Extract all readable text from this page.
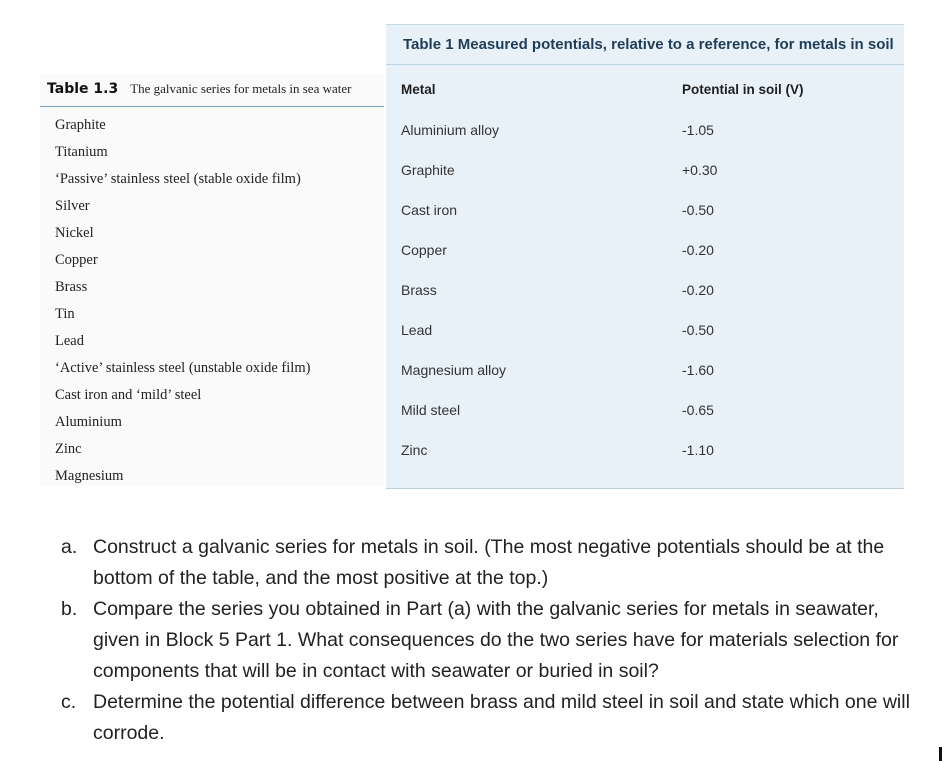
Table 1.3 The galvanic series for metals in sea water
Graphite
Titanium
‘Passive’ stainless steel (stable oxide film)
Silver
Nickel
Copper
Brass
Tin
Lead
‘Active’ stainless steel (unstable oxide film)
Cast iron and ‘mild’ steel
Aluminium
Zinc
Magnesium
Table 1 Measured potentials, relative to a reference, for metals in soil
Metal	Potential in soil (V)
Aluminium alloy	-1.05
Graphite	+0.30
Cast iron	-0.50
Copper	-0.20
Brass	-0.20
Lead	-0.50
Magnesium alloy	-1.60
Mild steel	-0.65
Zinc	-1.10
a. Construct a galvanic series for metals in soil. (The most negative potentials should be at the bottom of the table, and the most positive at the top.)
b. Compare the series you obtained in Part (a) with the galvanic series for metals in seawater, given in Block 5 Part 1. What consequences do the two series have for materials selection for components that will be in contact with seawater or buried in soil?
c. Determine the potential difference between brass and mild steel in soil and state which one will corrode.
